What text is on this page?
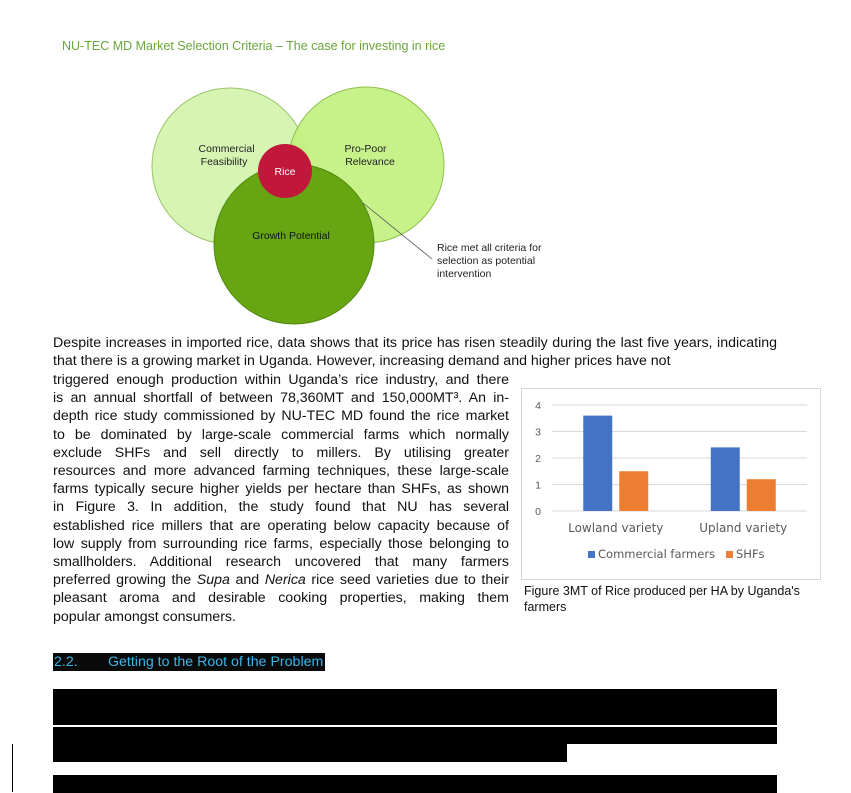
NU-TEC MD Market Selection Criteria – The case for investing in rice
Commercial Feasibility
Pro-Poor Relevance
Growth Potential
Rice
Rice met all criteria for selection as potential intervention
Despite increases in imported rice, data shows that its price has risen steadily during the last five years, indicating that there is a growing market in Uganda. However, increasing demand and higher prices have not
triggered enough production within Uganda’s rice industry, and there
is an annual shortfall of between 78,360MT and 150,000MT³. An in-
depth rice study commissioned by NU-TEC MD found the rice market
to be dominated by large-scale commercial farms which normally
exclude SHFs and sell directly to millers. By utilising greater
resources and more advanced farming techniques, these large-scale
farms typically secure higher yields per hectare than SHFs, as shown
in Figure 3. In addition, the study found that NU has several
established rice millers that are operating below capacity because of
low supply from surrounding rice farms, especially those belonging to
smallholders. Additional research uncovered that many farmers
preferred growing the Supa and Nerica rice seed varieties due to their
pleasant aroma and desirable cooking properties, making them
popular amongst consumers.
0
1
2
3
4
Lowland variety	Upland variety
Commercial farmers SHFs
Figure 3MT of Rice produced per HA by Uganda's farmers
2.2. Getting to the Root of the Problem
